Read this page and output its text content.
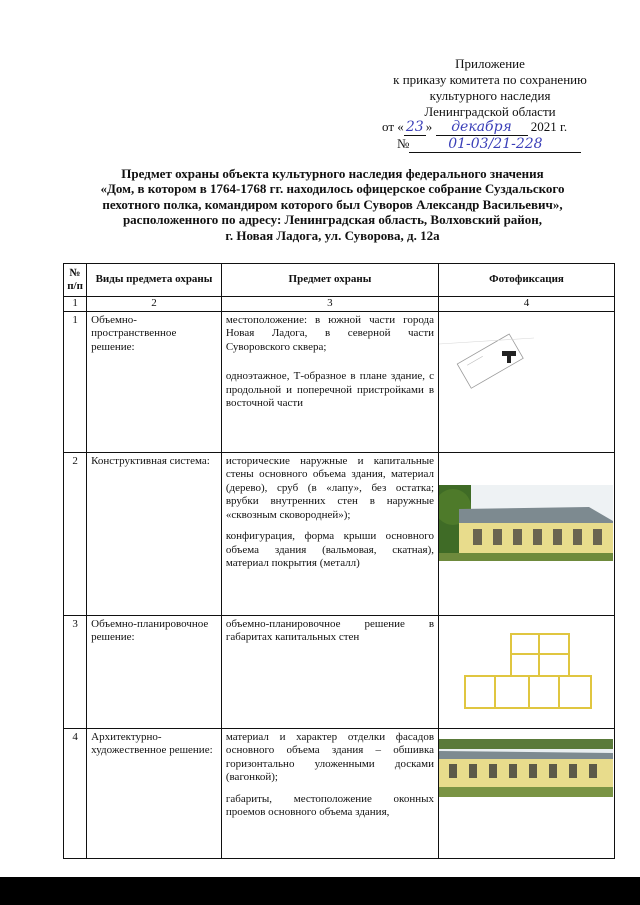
Приложение
к приказу комитета по сохранению
культурного наследия
Ленинградской области
от « 23 » декабря 2021 г.
№	01-03/21-228
Предмет охраны объекта культурного наследия федерального значения
«Дом, в котором в 1764-1768 гг. находилось офицерское собрание Суздальского
пехотного полка, командиром которого был Суворов Александр Васильевич»,
расположенного по адресу: Ленинградская область, Волховский район,
г. Новая Ладога, ул. Суворова, д. 12а
№ п/п	Виды предмета охраны	Предмет охраны	Фотофиксация
1	2	3	4
1	Объемно-пространственное решение:	местоположение: в южной части города Новая Ладога, в северной части Суворовского сквера;
одноэтажное, Т-образное в плане здание, с продольной и поперечной пристройками в восточной части

2	Конструктивная система:	исторические наружные и капитальные стены основного объема здания, материал (дерево), сруб (в «лапу», без остатка; врубки внутренних стен в наружные «сквозным сковородней»);
конфигурация, форма крыши основного объема здания (вальмовая, скатная), материал покрытия (металл)

3	Объемно-планировочное решение:	объемно-планировочное решение в габаритах капитальных стен

4	Архитектурно-художественное решение:	материал и характер отделки фасадов основного объема здания – обшивка горизонтально уложенными досками (вагонкой);
габариты, местоположение оконных проемов основного объема здания,
